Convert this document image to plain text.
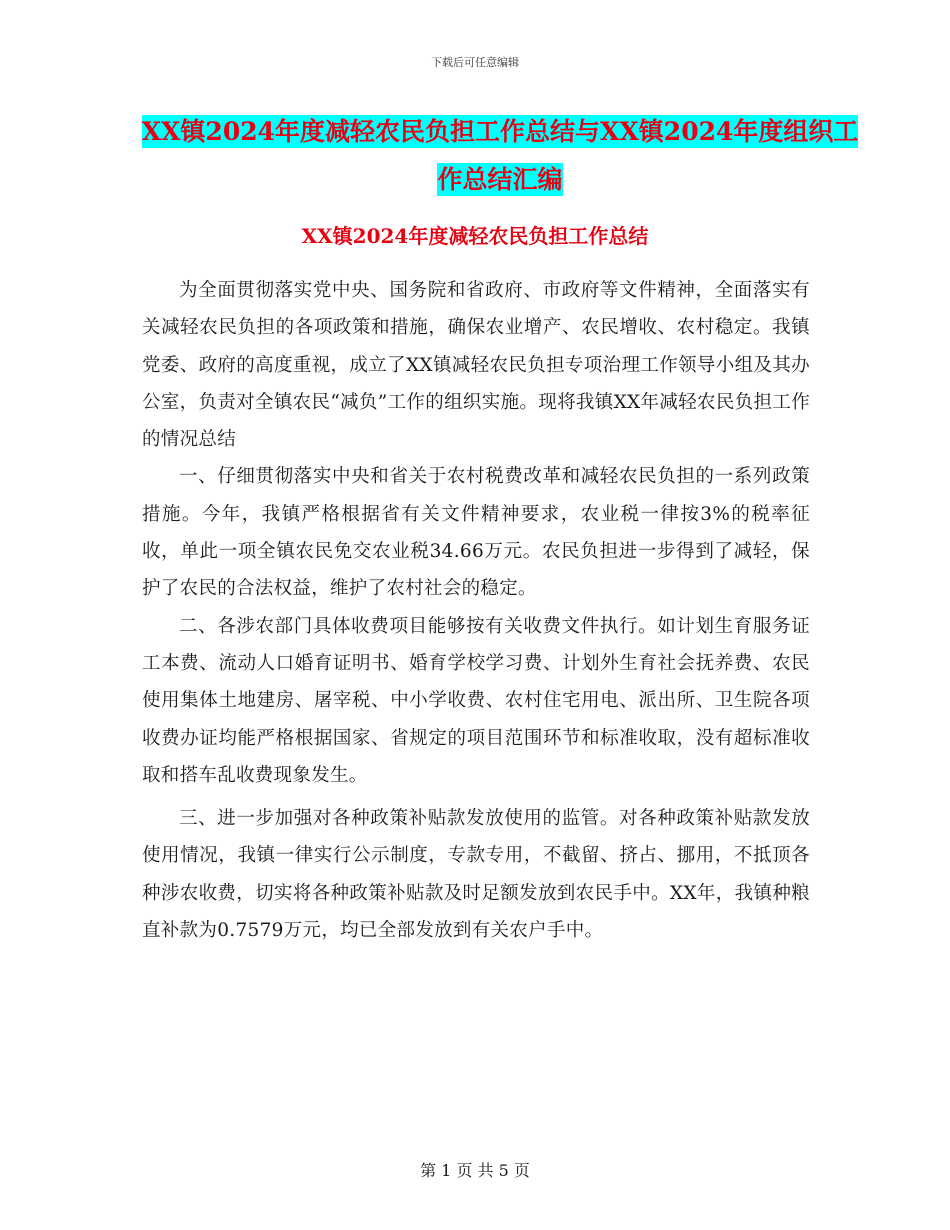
下载后可任意编辑
XX镇2024年度减轻农民负担工作总结与XX镇2024年度组织工作总结汇编
XX镇2024年度减轻农民负担工作总结

为全面贯彻落实党中央、国务院和省政府、市政府等文件精神，全面落实有关减轻农民负担的各项政策和措施，确保农业增产、农民增收、农村稳定。我镇党委、政府的高度重视，成立了XX镇减轻农民负担专项治理工作领导小组及其办公室，负责对全镇农民“减负”工作的组织实施。现将我镇XX年减轻农民负担工作的情况总结

一、仔细贯彻落实中央和省关于农村税费改革和减轻农民负担的一系列政策措施。今年，我镇严格根据省有关文件精神要求，农业税一律按3%的税率征收，单此一项全镇农民免交农业税34.66万元。农民负担进一步得到了减轻，保护了农民的合法权益，维护了农村社会的稳定。

二、各涉农部门具体收费项目能够按有关收费文件执行。如计划生育服务证工本费、流动人口婚育证明书、婚育学校学习费、计划外生育社会抚养费、农民使用集体土地建房、屠宰税、中小学收费、农村住宅用电、派出所、卫生院各项收费办证均能严格根据国家、省规定的项目范围环节和标准收取，没有超标准收取和搭车乱收费现象发生。

三、进一步加强对各种政策补贴款发放使用的监管。对各种政策补贴款发放使用情况，我镇一律实行公示制度，专款专用，不截留、挤占、挪用，不抵顶各种涉农收费，切实将各种政策补贴款及时足额发放到农民手中。XX年，我镇种粮直补款为0.7579万元，均已全部发放到有关农户手中。

第 1 页 共 5 页
